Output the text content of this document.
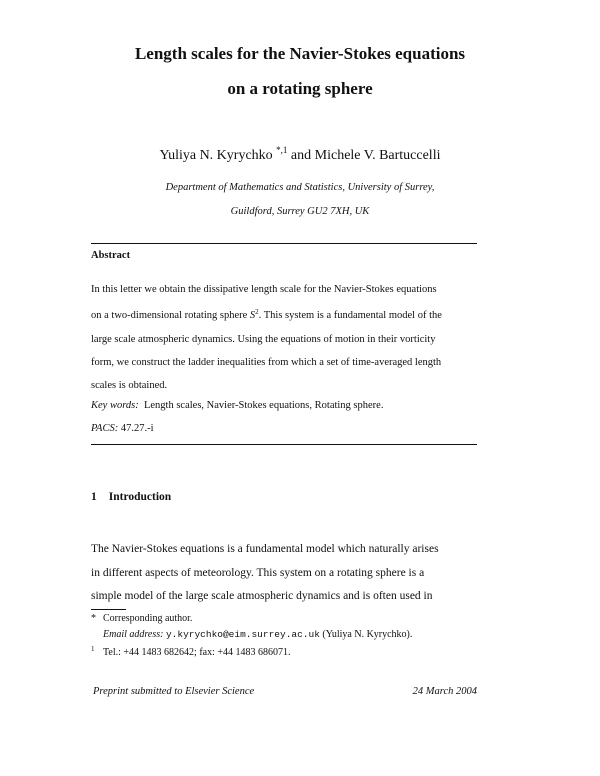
Length scales for the Navier-Stokes equations
on a rotating sphere
Yuliya N. Kyrychko $^{*,1}$ and Michele V. Bartuccelli
Department of Mathematics and Statistics, University of Surrey,
Guildford, Surrey GU2 7XH, UK
Abstract
In this letter we obtain the dissipative length scale for the Navier-Stokes equations
on a two-dimensional rotating sphere $S^2$. This system is a fundamental model of the
large scale atmospheric dynamics. Using the equations of motion in their vorticity
form, we construct the ladder inequalities from which a set of time-averaged length
scales is obtained.
Key words: Length scales, Navier-Stokes equations, Rotating sphere.
PACS: 47.27.-i
1 Introduction
The Navier-Stokes equations is a fundamental model which naturally arises
in different aspects of meteorology. This system on a rotating sphere is a
simple model of the large scale atmospheric dynamics and is often used in
* Corresponding author.
Email address: y.kyrychko@eim.surrey.ac.uk (Yuliya N. Kyrychko).
1 Tel.: +44 1483 682642; fax: +44 1483 686071.
Preprint submitted to Elsevier Science	24 March 2004
